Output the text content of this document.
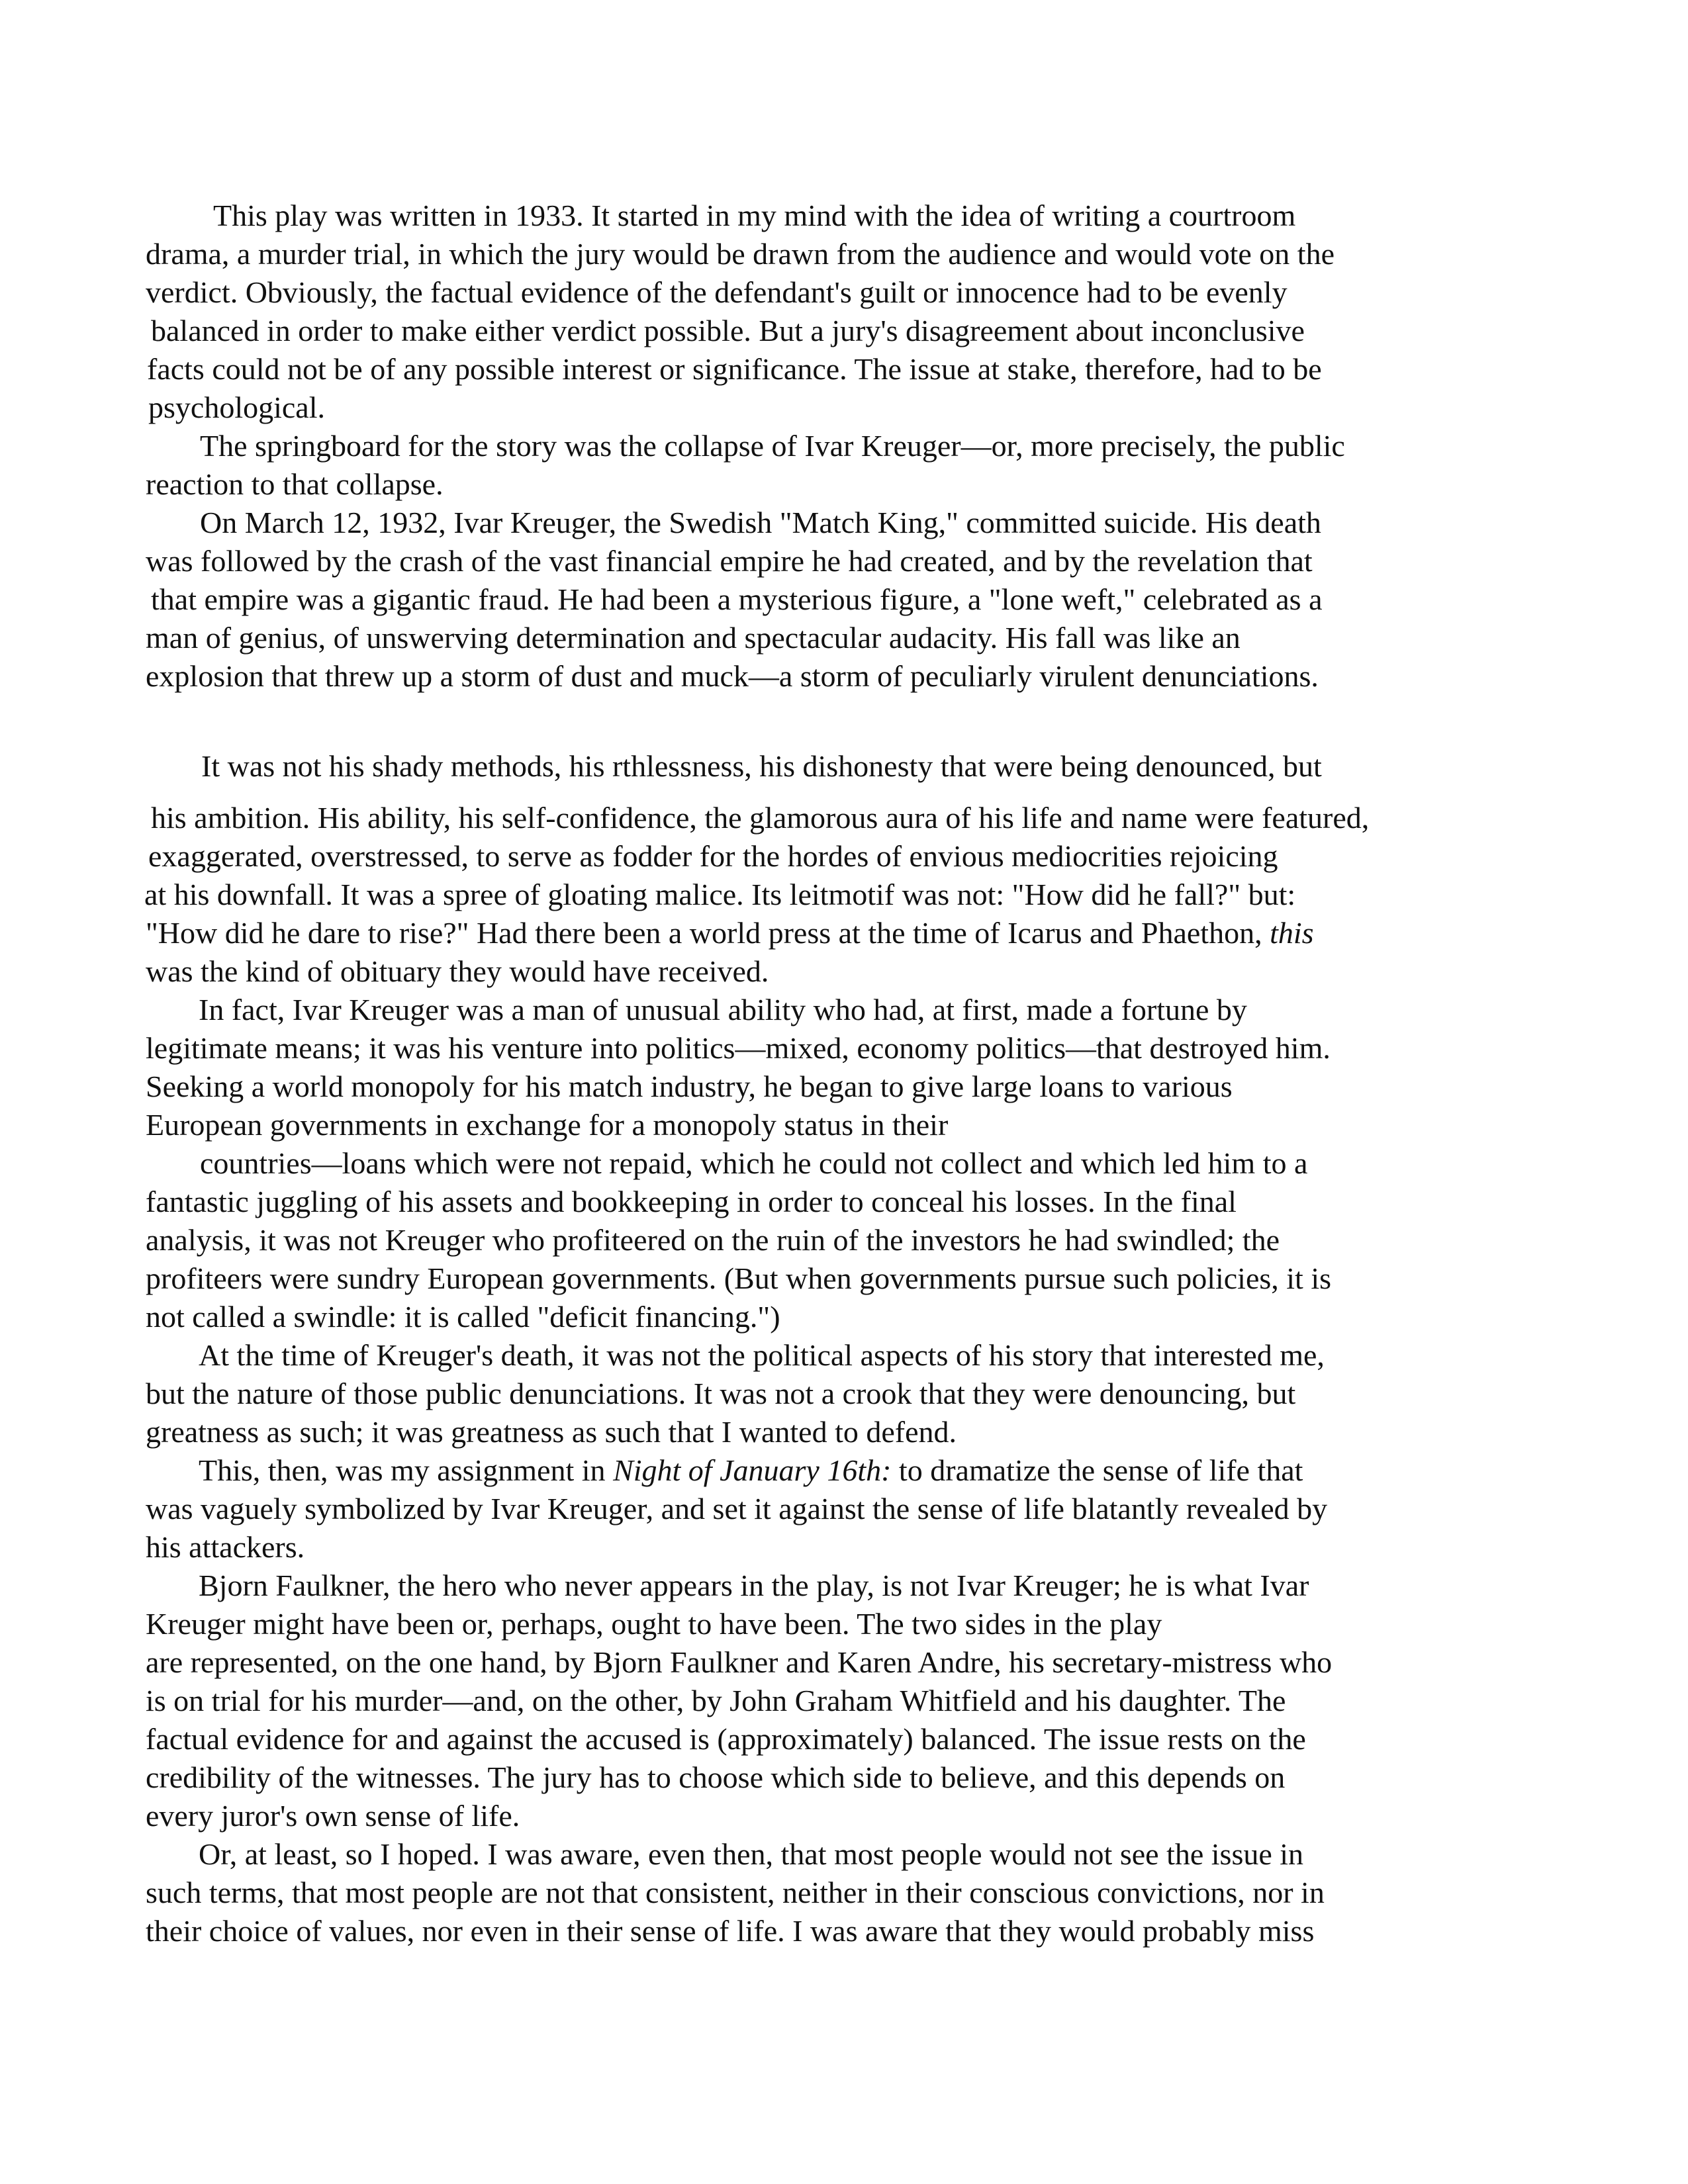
This play was written in 1933. It started in my mind with the idea of writing a courtroom
drama, a murder trial, in which the jury would be drawn from the audience and would vote on the
verdict. Obviously, the factual evidence of the defendant's guilt or innocence had to be evenly
balanced in order to make either verdict possible. But a jury's disagreement about inconclusive
facts could not be of any possible interest or significance. The issue at stake, therefore, had to be
psychological.
The springboard for the story was the collapse of Ivar Kreuger—or, more precisely, the public
reaction to that collapse.
On March 12, 1932, Ivar Kreuger, the Swedish "Match King," committed suicide. His death
was followed by the crash of the vast financial empire he had created, and by the revelation that
that empire was a gigantic fraud. He had been a mysterious figure, a "lone weft," celebrated as a
man of genius, of unswerving determination and spectacular audacity. His fall was like an
explosion that threw up a storm of dust and muck—a storm of peculiarly virulent denunciations.
It was not his shady methods, his rthlessness, his dishonesty that were being denounced, but
his ambition. His ability, his self-confidence, the glamorous aura of his life and name were featured,
exaggerated, overstressed, to serve as fodder for the hordes of envious mediocrities rejoicing
at his downfall. It was a spree of gloating malice. Its leitmotif was not: "How did he fall?" but:
"How did he dare to rise?" Had there been a world press at the time of Icarus and Phaethon, this
was the kind of obituary they would have received.
In fact, Ivar Kreuger was a man of unusual ability who had, at first, made a fortune by
legitimate means; it was his venture into politics—mixed, economy politics—that destroyed him.
Seeking a world monopoly for his match industry, he began to give large loans to various
European governments in exchange for a monopoly status in their
countries—loans which were not repaid, which he could not collect and which led him to a
fantastic juggling of his assets and bookkeeping in order to conceal his losses. In the final
analysis, it was not Kreuger who profiteered on the ruin of the investors he had swindled; the
profiteers were sundry European governments. (But when governments pursue such policies, it is
not called a swindle: it is called "deficit financing.")
At the time of Kreuger's death, it was not the political aspects of his story that interested me,
but the nature of those public denunciations. It was not a crook that they were denouncing, but
greatness as such; it was greatness as such that I wanted to defend.
This, then, was my assignment in Night of January 16th: to dramatize the sense of life that
was vaguely symbolized by Ivar Kreuger, and set it against the sense of life blatantly revealed by
his attackers.
Bjorn Faulkner, the hero who never appears in the play, is not Ivar Kreuger; he is what Ivar
Kreuger might have been or, perhaps, ought to have been. The two sides in the play
are represented, on the one hand, by Bjorn Faulkner and Karen Andre, his secretary-mistress who
is on trial for his murder—and, on the other, by John Graham Whitfield and his daughter. The
factual evidence for and against the accused is (approximately) balanced. The issue rests on the
credibility of the witnesses. The jury has to choose which side to believe, and this depends on
every juror's own sense of life.
Or, at least, so I hoped. I was aware, even then, that most people would not see the issue in
such terms, that most people are not that consistent, neither in their conscious convictions, nor in
their choice of values, nor even in their sense of life. I was aware that they would probably miss
